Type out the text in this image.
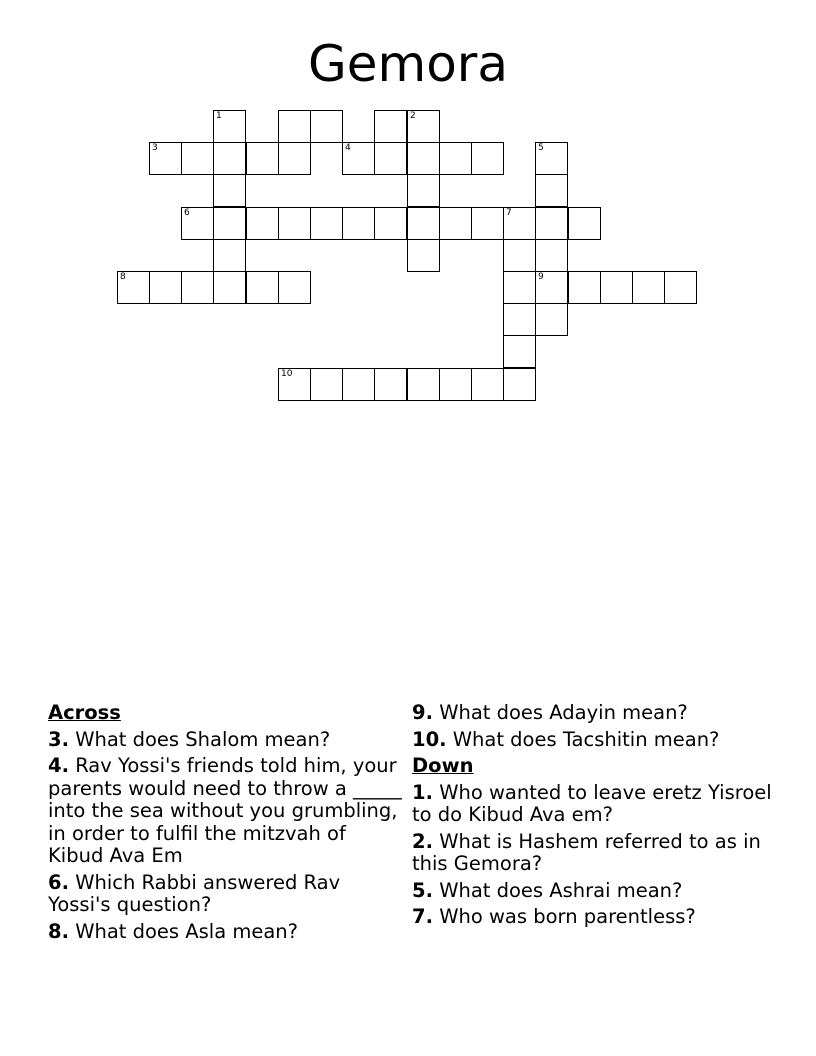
Gemora
3	4	5
6	7
8	9
10
1	2
Across
3. What does Shalom mean?
4. Rav Yossi's friends told him, your parents would need to throw a _____ into the sea without you grumbling, in order to fulfil the mitzvah of Kibud Ava Em
6. Which Rabbi answered Rav Yossi's question?
8. What does Asla mean?
9. What does Adayin mean?
10. What does Tacshitin mean?
Down
1. Who wanted to leave eretz Yisroel to do Kibud Ava em?
2. What is Hashem referred to as in this Gemora?
5. What does Ashrai mean?
7. Who was born parentless?
